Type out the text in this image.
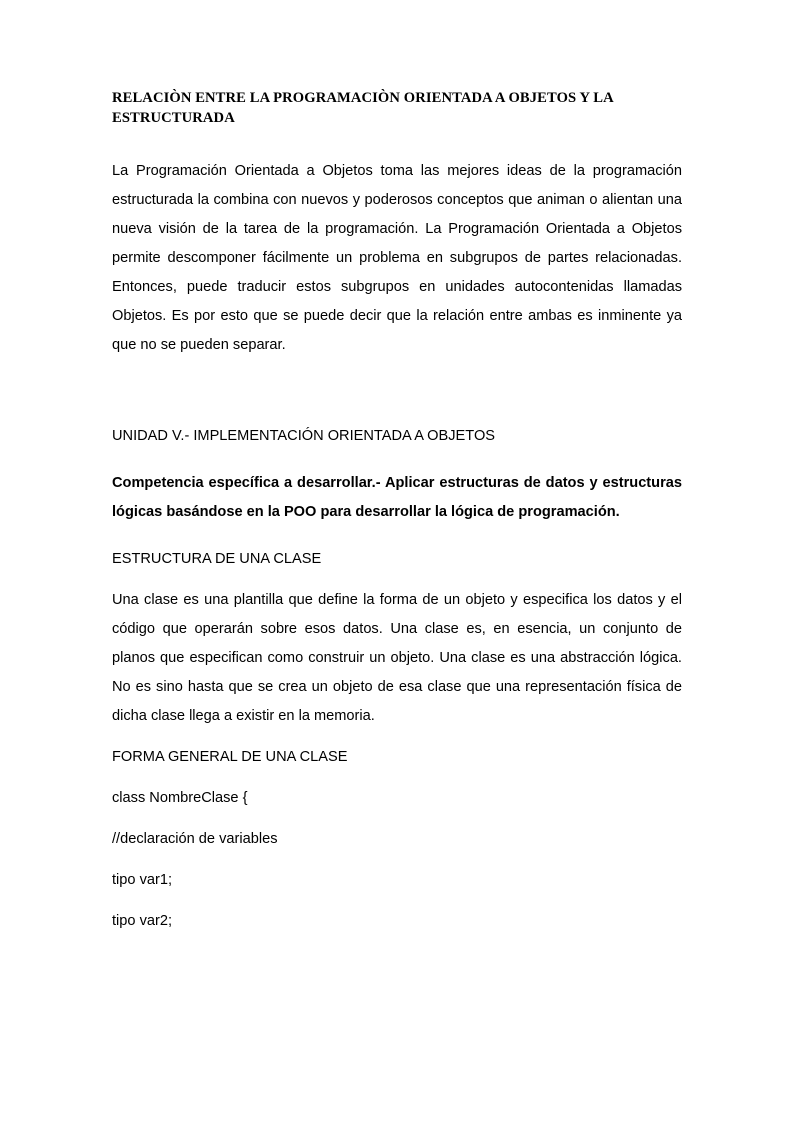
RELACIÒN ENTRE LA PROGRAMACIÒN ORIENTADA A OBJETOS Y LA
ESTRUCTURADA

La Programación Orientada a Objetos toma las mejores ideas de la programación estructurada la combina con nuevos y poderosos conceptos que animan o alientan una nueva visión de la tarea de la programación. La Programación Orientada a Objetos permite descomponer fácilmente un problema en subgrupos de partes relacionadas. Entonces, puede traducir estos subgrupos en unidades autocontenidas llamadas Objetos. Es por esto que se puede decir que la relación entre ambas es inminente ya que no se pueden separar.

UNIDAD V.- IMPLEMENTACIÓN ORIENTADA A OBJETOS

Competencia específica a desarrollar.- Aplicar estructuras de datos y estructuras lógicas basándose en la POO para desarrollar la lógica de programación.

ESTRUCTURA DE UNA CLASE

Una clase es una plantilla que define la forma de un objeto y especifica los datos y el código que operarán sobre esos datos. Una clase es, en esencia, un conjunto de planos que especifican como construir un objeto. Una clase es una abstracción lógica. No es sino hasta que se crea un objeto de esa clase que una representación física de dicha clase llega a existir en la memoria.

FORMA GENERAL DE UNA CLASE

class NombreClase {

//declaración de variables

tipo var1;

tipo var2;
